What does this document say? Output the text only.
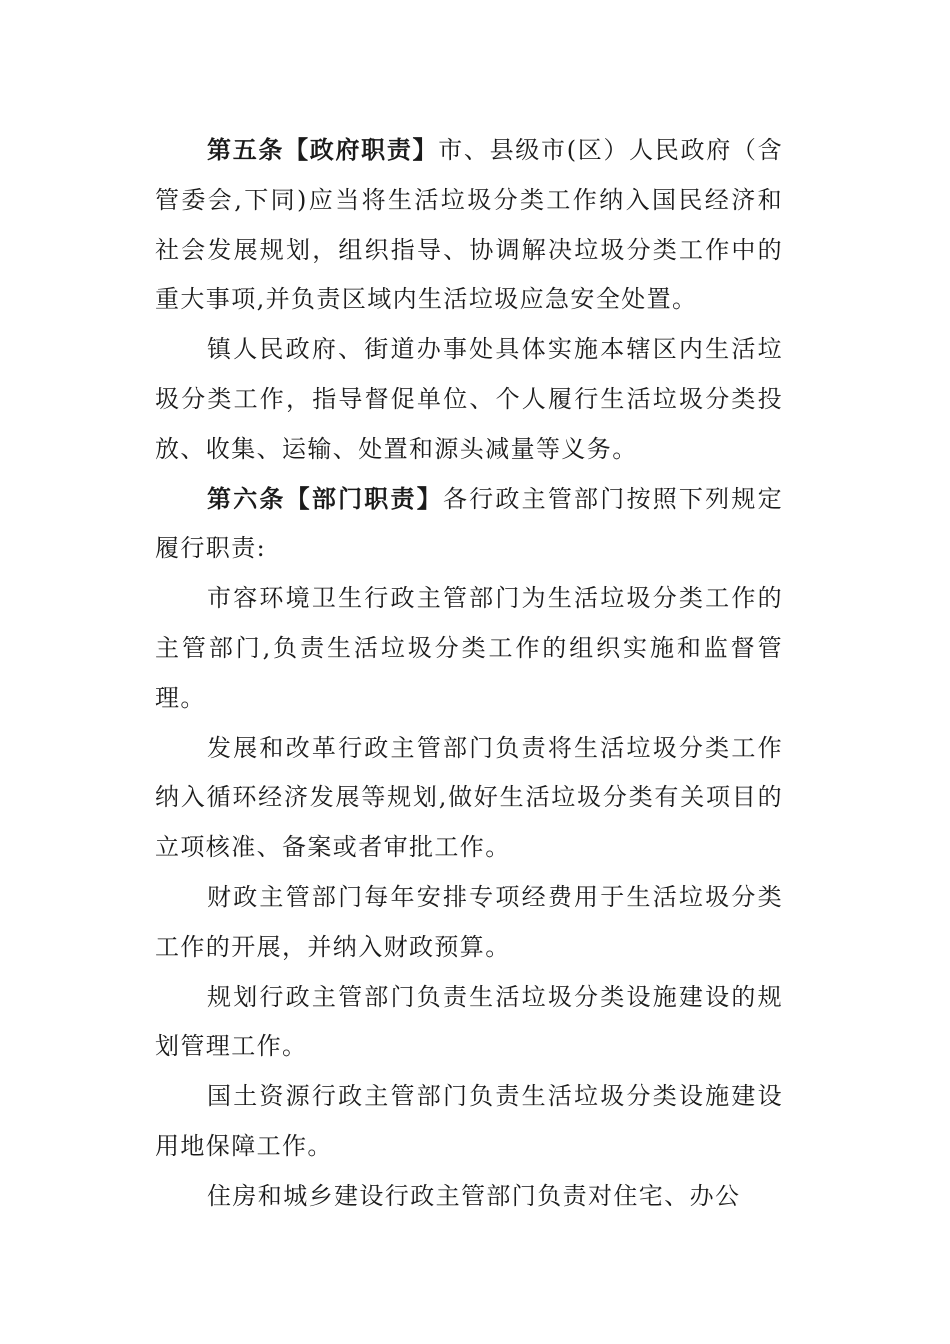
第五条【政府职责】市、县级市(区）人民政府（含管委会,下同)应当将生活垃圾分类工作纳入国民经济和社会发展规划，组织指导、协调解决垃圾分类工作中的重大事项,并负责区域内生活垃圾应急安全处置。

镇人民政府、街道办事处具体实施本辖区内生活垃圾分类工作，指导督促单位、个人履行生活垃圾分类投放、收集、运输、处置和源头减量等义务。

第六条【部门职责】各行政主管部门按照下列规定履行职责:

市容环境卫生行政主管部门为生活垃圾分类工作的主管部门,负责生活垃圾分类工作的组织实施和监督管理。

发展和改革行政主管部门负责将生活垃圾分类工作纳入循环经济发展等规划,做好生活垃圾分类有关项目的立项核准、备案或者审批工作。

财政主管部门每年安排专项经费用于生活垃圾分类工作的开展，并纳入财政预算。

规划行政主管部门负责生活垃圾分类设施建设的规划管理工作。

国土资源行政主管部门负责生活垃圾分类设施建设用地保障工作。

住房和城乡建设行政主管部门负责对住宅、办公
